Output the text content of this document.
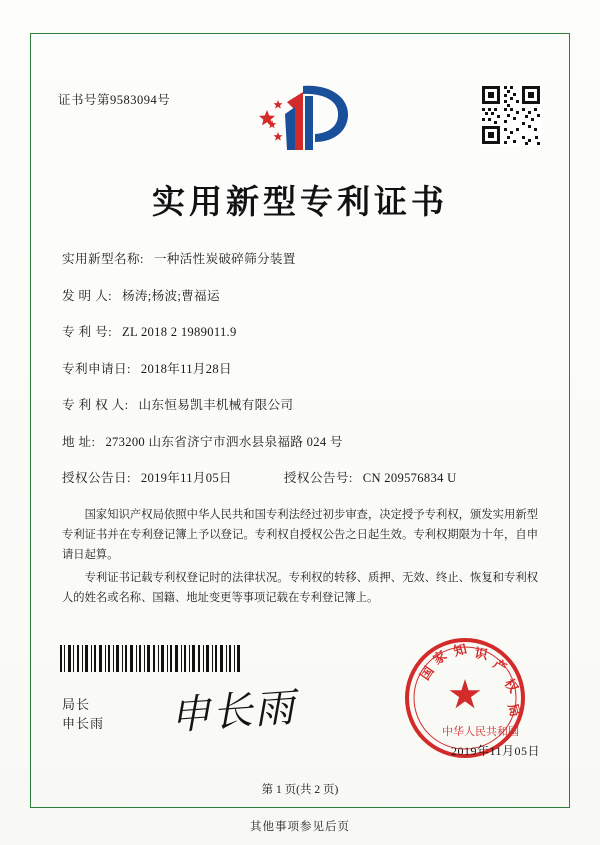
证书号第9583094号
实用新型专利证书
实用新型名称: 一种活性炭破碎筛分装置
发 明 人: 杨涛;杨波;曹福运
专 利 号: ZL 2018 2 1989011.9
专利申请日: 2018年11月28日
专 利 权 人: 山东恒易凯丰机械有限公司
地 址: 273200 山东省济宁市泗水县泉福路 024 号
授权公告日: 2019年11月05日	授权公告号: CN 209576834 U

国家知识产权局依照中华人民共和国专利法经过初步审查，决定授予专利权，颁发实用新型专利证书并在专利登记簿上予以登记。专利权自授权公告之日起生效。专利权期限为十年，自申请日起算。

专利证书记载专利权登记时的法律状况。专利权的转移、质押、无效、终止、恢复和专利权人的姓名或名称、国籍、地址变更等事项记载在专利登记簿上。

局长
申长雨 申长雨
国
家 知 识
产
权
局
中华人民共和国
2019年11月05日
第 1 页(共 2 页)
其他事项参见后页
